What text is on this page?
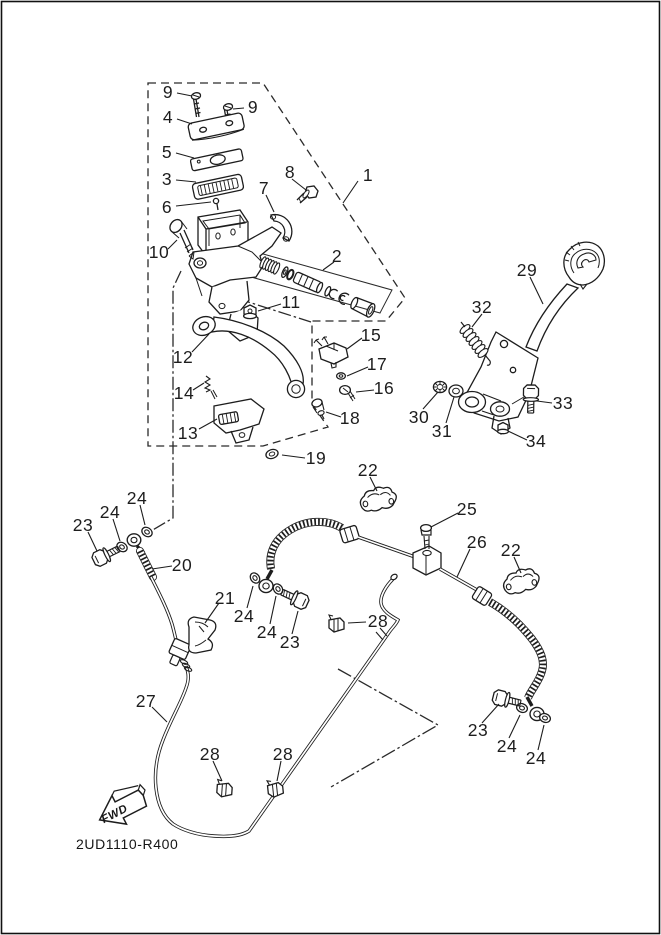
1
2
3
4
5
6
7
8
9
9
10
11
12
13
14
15
16
17
18
19
20
21
22
22
23
23
23
24
24
24
24
24
24
25
26
27
28
28	28
29
30
31
32
33
34
FWD
2UD1110-R400
